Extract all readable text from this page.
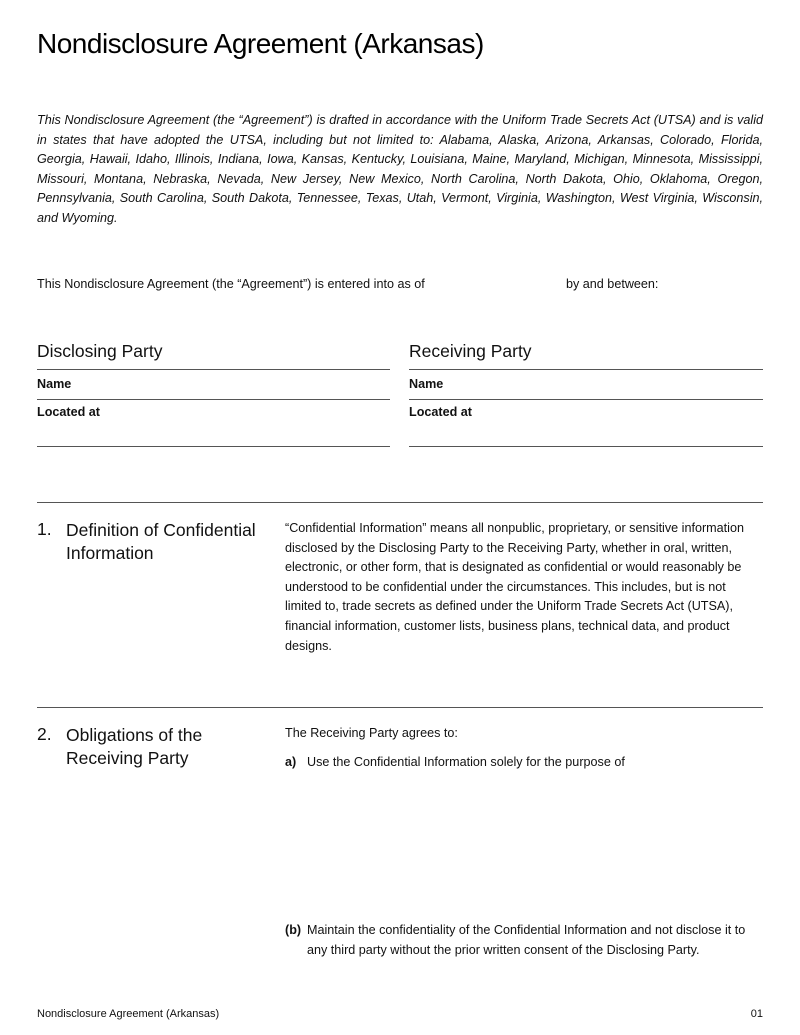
Nondisclosure Agreement (Arkansas)
This Nondisclosure Agreement (the “Agreement”) is drafted in accordance with the Uniform Trade Secrets Act (UTSA) and is valid in states that have adopted the UTSA, including but not limited to: Alabama, Alaska, Arizona, Arkansas, Colorado, Florida, Georgia, Hawaii, Idaho, Illinois, Indiana, Iowa, Kansas, Kentucky, Louisiana, Maine, Maryland, Michigan, Minnesota, Mississippi, Missouri, Montana, Nebraska, Nevada, New Jersey, New Mexico, North Carolina, North Dakota, Ohio, Oklahoma, Oregon, Pennsylvania, South Carolina, South Dakota, Tennessee, Texas, Utah, Vermont, Virginia, Washington, West Virginia, Wisconsin, and Wyoming.
This Nondisclosure Agreement (the “Agreement”) is entered into as of	by and between:
Disclosing Party
Name
Located at
Receiving Party
Name
Located at
1. Definition of Confidential Information
“Confidential Information” means all nonpublic, proprietary, or sensitive information disclosed by the Disclosing Party to the Receiving Party, whether in oral, written, electronic, or other form, that is designated as confidential or would reasonably be understood to be confidential under the circumstances. This includes, but is not limited to, trade secrets as defined under the Uniform Trade Secrets Act (UTSA), financial information, customer lists, business plans, technical data, and product designs.
2. Obligations of the Receiving Party
The Receiving Party agrees to:
a) Use the Confidential Information solely for the purpose of
(b) Maintain the confidentiality of the Confidential Information and not disclose it to any third party without the prior written consent of the Disclosing Party.
Nondisclosure Agreement (Arkansas)	01
